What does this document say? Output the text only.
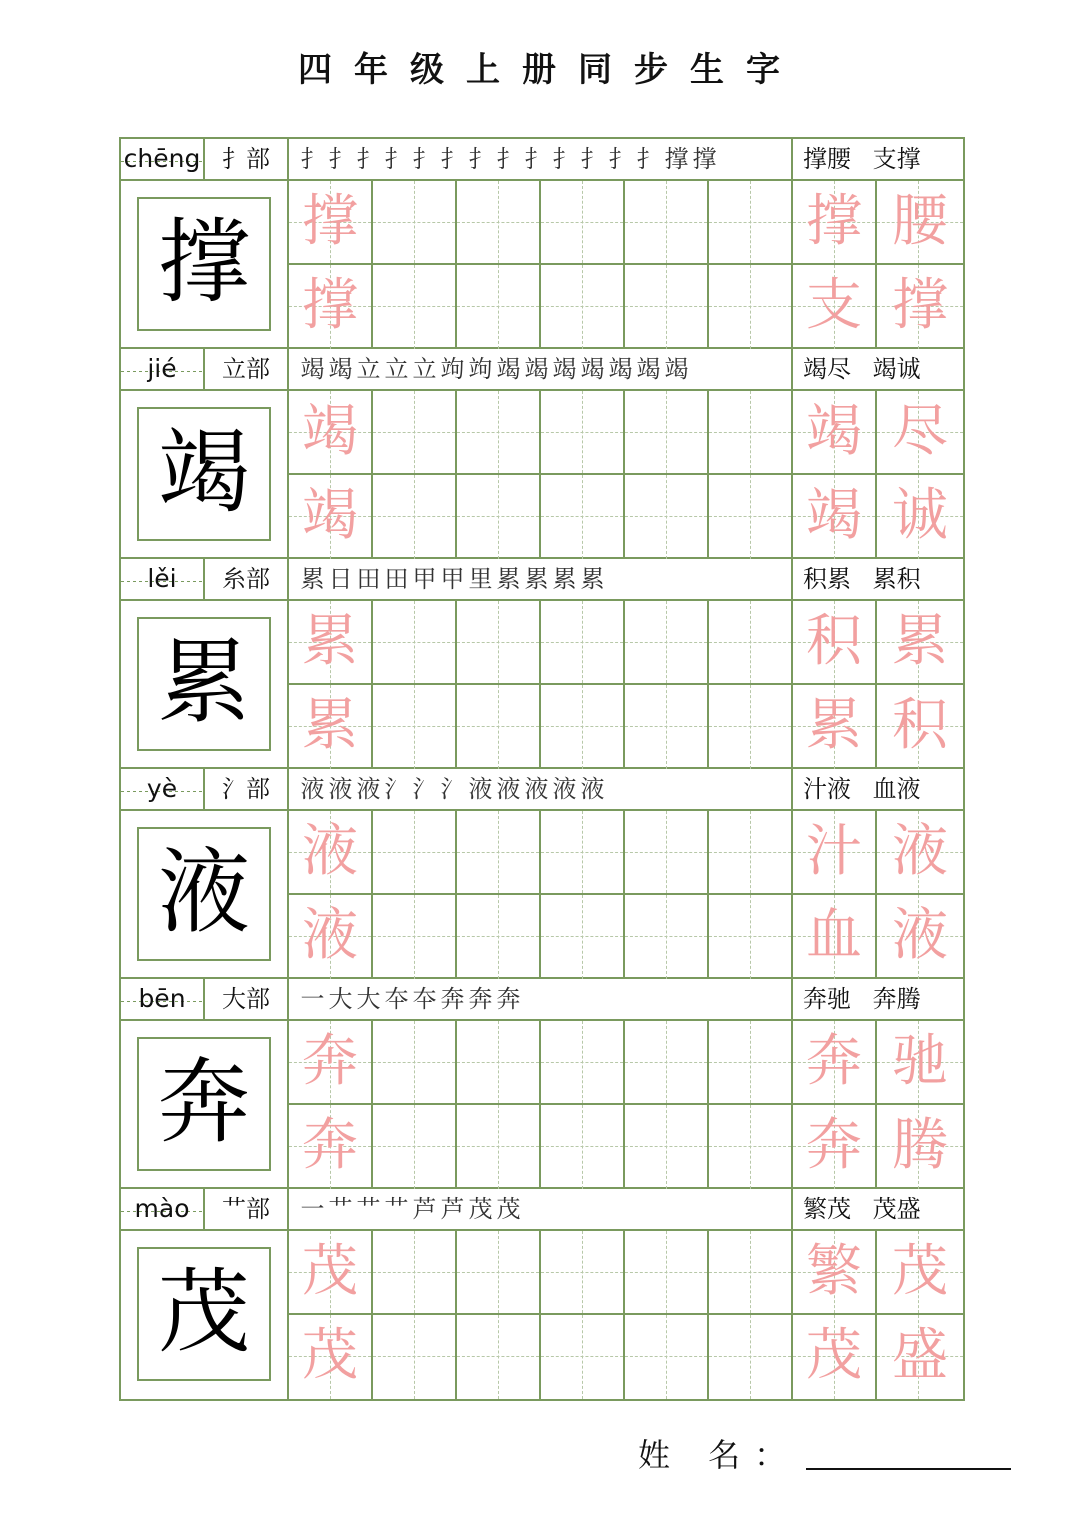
四年级上册同步生字
chēng 扌部	扌 扌 扌 扌 扌 扌 扌 扌 扌 扌 扌 扌 扌 撑 撑	撑腰 支撑
撑 撑	撑 腰
撑	支 撑
jié	立部	竭 竭 立 立 立 竘 竘 竭 竭 竭 竭 竭 竭 竭	竭尽 竭诚
竭 竭	竭 尽
竭	竭 诚
lěi	糸部	累 日 田 田 甲 甲 里 累 累 累 累	积累 累积
累 累	积 累
累	累 积
yè	氵部	液 液 液 氵 氵 氵 液 液 液 液 液	汁液 血液
液 液	汁 液
液	血 液
bēn	大部	一 大 大 夲 夲 奔 奔 奔	奔驰 奔腾
奔 奔	奔 驰
奔	奔 腾
mào	艹部	一 艹 艹 艹 芦 芦 茂 茂	繁茂 茂盛
茂 茂	繁 茂
茂	茂 盛
姓 名：
